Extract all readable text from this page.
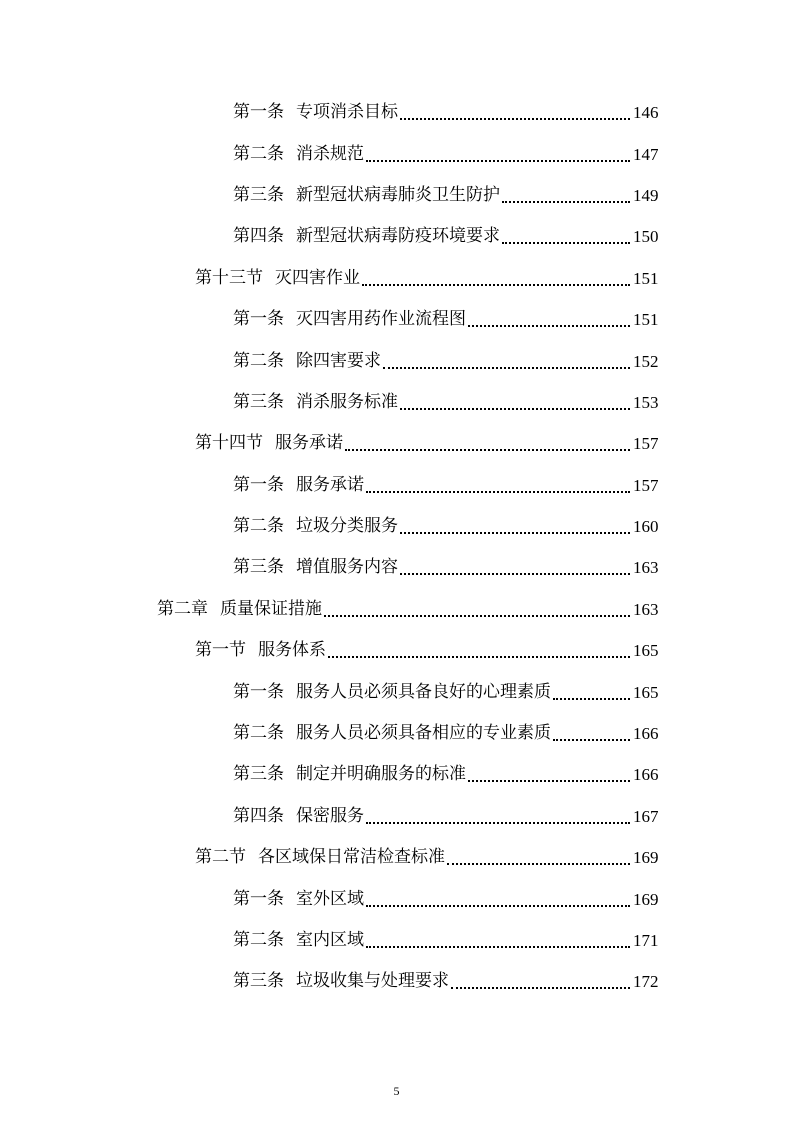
第一条 专项消杀目标	146
第二条 消杀规范	147
第三条 新型冠状病毒肺炎卫生防护	149
第四条 新型冠状病毒防疫环境要求	150
第十三节 灭四害作业	151
第一条 灭四害用药作业流程图	151
第二条 除四害要求	152
第三条 消杀服务标准	153
第十四节 服务承诺	157
第一条 服务承诺	157
第二条 垃圾分类服务	160
第三条 增值服务内容	163
第二章 质量保证措施	163
第一节 服务体系	165
第一条 服务人员必须具备良好的心理素质	165
第二条 服务人员必须具备相应的专业素质	166
第三条 制定并明确服务的标准	166
第四条 保密服务	167
第二节 各区域保日常洁检查标准	169
第一条 室外区域	169
第二条 室内区域	171
第三条 垃圾收集与处理要求	172
5
